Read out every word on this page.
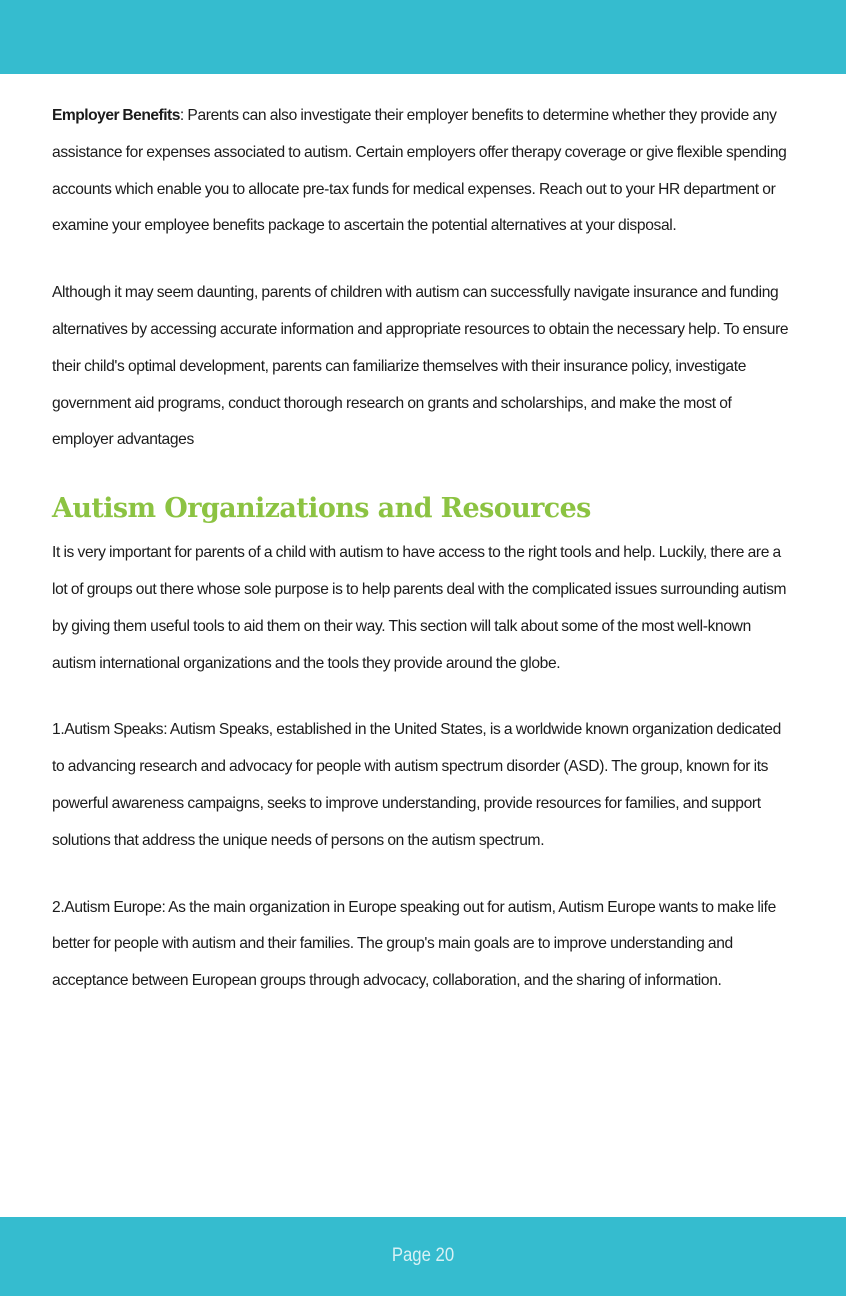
Employer Benefits: Parents can also investigate their employer benefits to determine whether they provide any assistance for expenses associated to autism. Certain employers offer therapy coverage or give flexible spending accounts which enable you to allocate pre-tax funds for medical expenses. Reach out to your HR department or examine your employee benefits package to ascertain the potential alternatives at your disposal.

Although it may seem daunting, parents of children with autism can successfully navigate insurance and funding alternatives by accessing accurate information and appropriate resources to obtain the necessary help. To ensure their child's optimal development, parents can familiarize themselves with their insurance policy, investigate government aid programs, conduct thorough research on grants and scholarships, and make the most of employer advantages

Autism Organizations and Resources

It is very important for parents of a child with autism to have access to the right tools and help. Luckily, there are a lot of groups out there whose sole purpose is to help parents deal with the complicated issues surrounding autism by giving them useful tools to aid them on their way. This section will talk about some of the most well-known autism international organizations and the tools they provide around the globe.

1.Autism Speaks: Autism Speaks, established in the United States, is a worldwide known organization dedicated to advancing research and advocacy for people with autism spectrum disorder (ASD). The group, known for its powerful awareness campaigns, seeks to improve understanding, provide resources for families, and support solutions that address the unique needs of persons on the autism spectrum.

2.Autism Europe: As the main organization in Europe speaking out for autism, Autism Europe wants to make life better for people with autism and their families. The group's main goals are to improve understanding and acceptance between European groups through advocacy, collaboration, and the sharing of information.

Page 20
